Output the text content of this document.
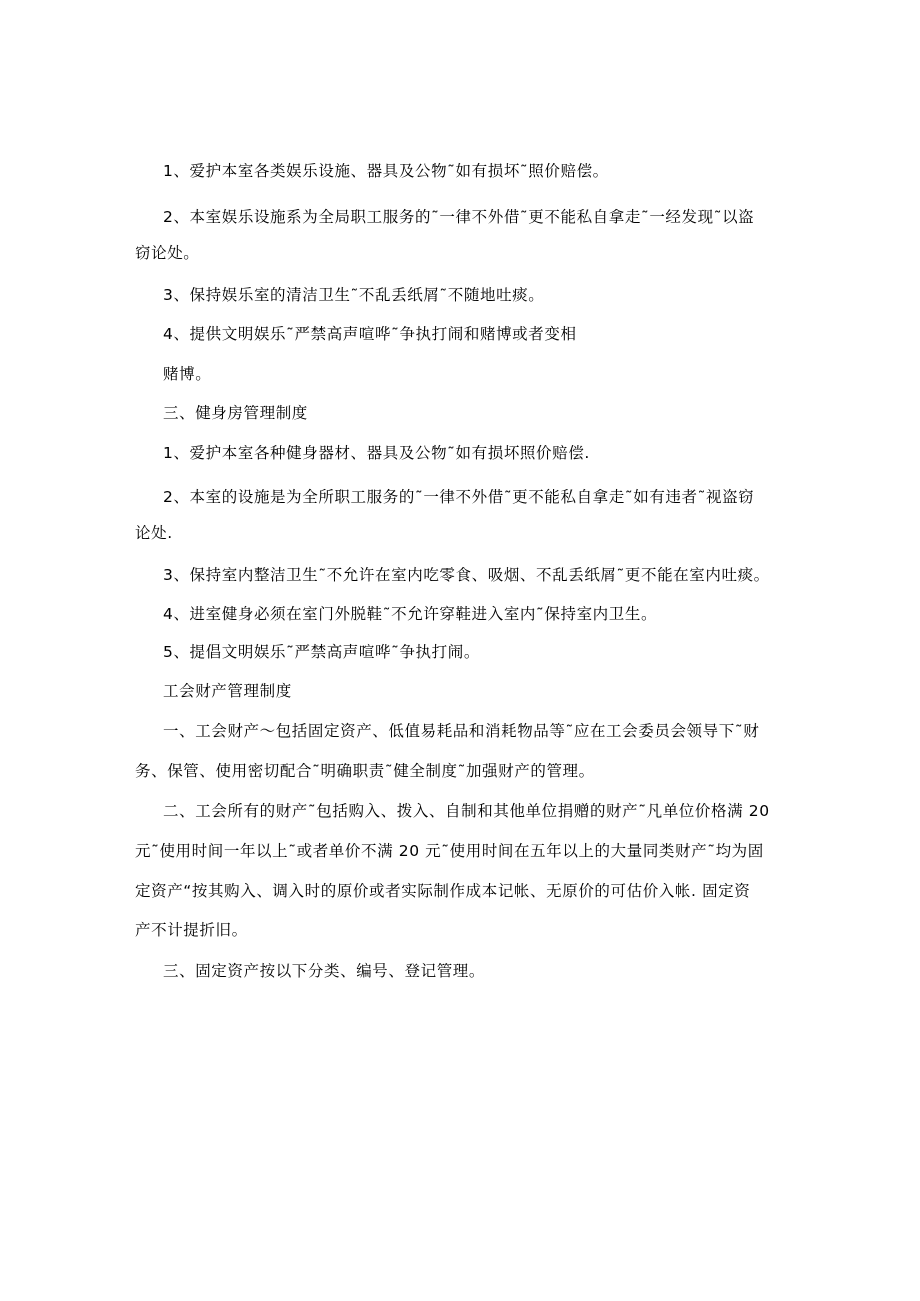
1、爱护本室各类娱乐设施、器具及公物˜如有损坏˜照价赔偿。
2、本室娱乐设施系为全局职工服务的˜一律不外借˜更不能私自拿走˜一经发现˜以盗
窃论处。
3、保持娱乐室的清洁卫生˜不乱丢纸屑˜不随地吐痰。
4、提供文明娱乐˜严禁高声喧哗˜争执打闹和赌博或者变相
赌博。
三、健身房管理制度
1、爱护本室各种健身器材、器具及公物˜如有损坏照价赔偿.
2、本室的设施是为全所职工服务的˜一律不外借˜更不能私自拿走˜如有违者˜视盗窃
论处.
3、保持室内整洁卫生˜不允许在室内吃零食、吸烟、不乱丢纸屑˜更不能在室内吐痰。
4、进室健身必须在室门外脱鞋˜不允许穿鞋进入室内˜保持室内卫生。
5、提倡文明娱乐˜严禁高声喧哗˜争执打闹。
工会财产管理制度
一、工会财产～包括固定资产、低值易耗品和消耗物品等˜应在工会委员会领导下˜财
务、保管、使用密切配合˜明确职责˜健全制度˜加强财产的管理。
二、工会所有的财产˜包括购入、拨入、自制和其他单位捐赠的财产˜凡单位价格满 20
元˜使用时间一年以上˜或者单价不满 20 元˜使用时间在五年以上的大量同类财产˜均为固
定资产“按其购入、调入时的原价或者实际制作成本记帐、无原价的可估价入帐. 固定资
产不计提折旧。
三、固定资产按以下分类、编号、登记管理。
